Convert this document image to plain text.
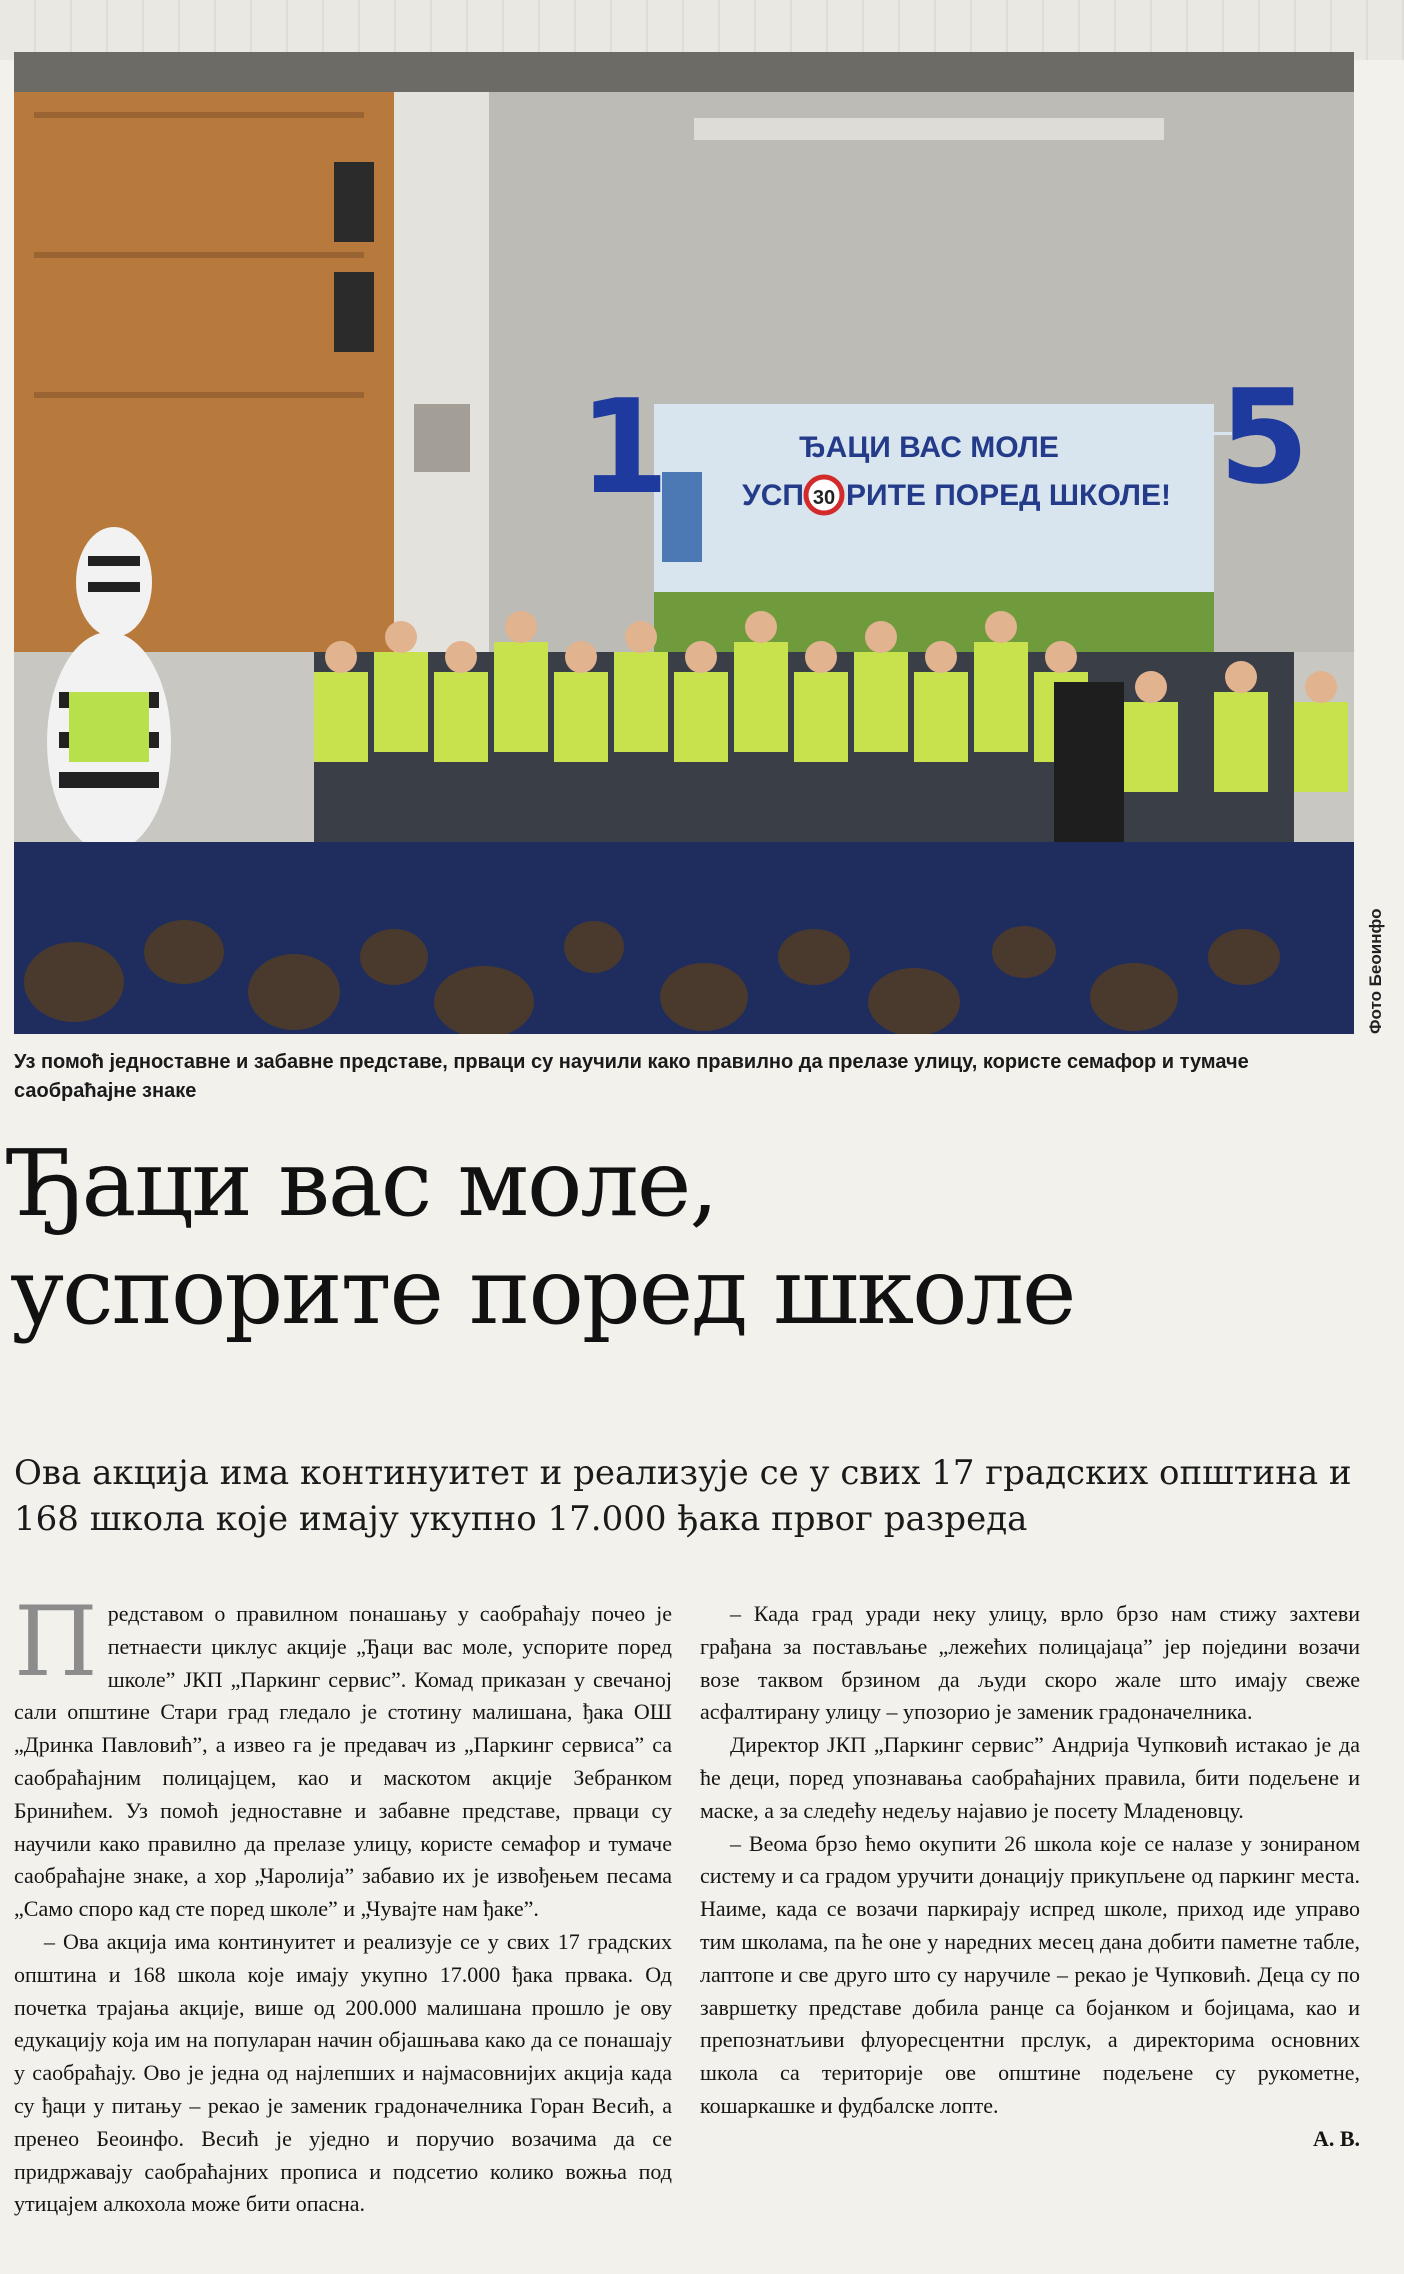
ЂАЦИ ВАС МОЛЕ
УСП 30 РИТЕ ПОРЕД ШКОЛЕ!
1	5
Фото Беоинфо
Уз помоћ једноставне и забавне представе, прваци су научили како правилно да прелазе улицу, користе семафор и тумаче саобраћајне знаке
Ђаци вас моле,
успорите поред школе
Ова акција има континуитет и реализује се у свих 17 градских општина и 168 школа које имају укупно 17.000 ђака првог разреда

Представом о правилном понашању у саобраћају почео је петнаести циклус акције „Ђаци вас моле, успорите поред школе” ЈКП „Паркинг сервис”. Комад приказан у свечаној сали општине Стари град гледало је стотину малишана, ђака ОШ „Дринка Павловић”, а извео га је предавач из „Паркинг сервиса” са саобраћајним полицајцем, као и маскотом акције Зебранком Бринићем. Уз помоћ једноставне и забавне представе, прваци су научили како правилно да прелазе улицу, користе семафор и тумаче саобраћајне знаке, а хор „Чаролија” забавио их је извођењем песама „Само споро кад сте поред школе” и „Чувајте нам ђаке”.

– Ова акција има континуитет и реализује се у свих 17 градских општина и 168 школа које имају укупно 17.000 ђака првака. Од почетка трајања акције, више од 200.000 малишана прошло је ову едукацију која им на популаран начин објашњава како да се понашају у саобраћају. Ово је једна од најлепших и најмасовнијих акција када су ђаци у питању – рекао је заменик градоначелника Горан Весић, а пренео Беоинфо. Весић је уједно и поручио возачима да се придржавају саобраћајних прописа и подсетио колико вожња под утицајем алкохола може бити опасна.

– Када град уради неку улицу, врло брзо нам стижу захтеви грађана за постављање „лежећих полицајаца” јер поједини возачи возе таквом брзином да људи скоро жале што имају свеже асфалтирану улицу – упозорио је заменик градоначелника.

Директор ЈКП „Паркинг сервис” Андрија Чупковић истакао је да ће деци, поред упознавања саобраћајних правила, бити подељене и маске, а за следећу недељу најавио је посету Младеновцу.

– Веома брзо ћемо окупити 26 школа које се налазе у зонираном систему и са градом уручити донацију прикупљене од паркинг места. Наиме, када се возачи паркирају испред школе, приход иде управо тим школама, па ће оне у наредних месец дана добити паметне табле, лаптопе и све друго што су наручиле – рекао је Чупковић. Деца су по завршетку представе добила ранце са бојанком и бојицама, као и препознатљиви флуоресцентни прслук, а директорима основних школа са територије ове општине подељене су рукометне, кошаркашке и фудбалске лопте.

А. В.
